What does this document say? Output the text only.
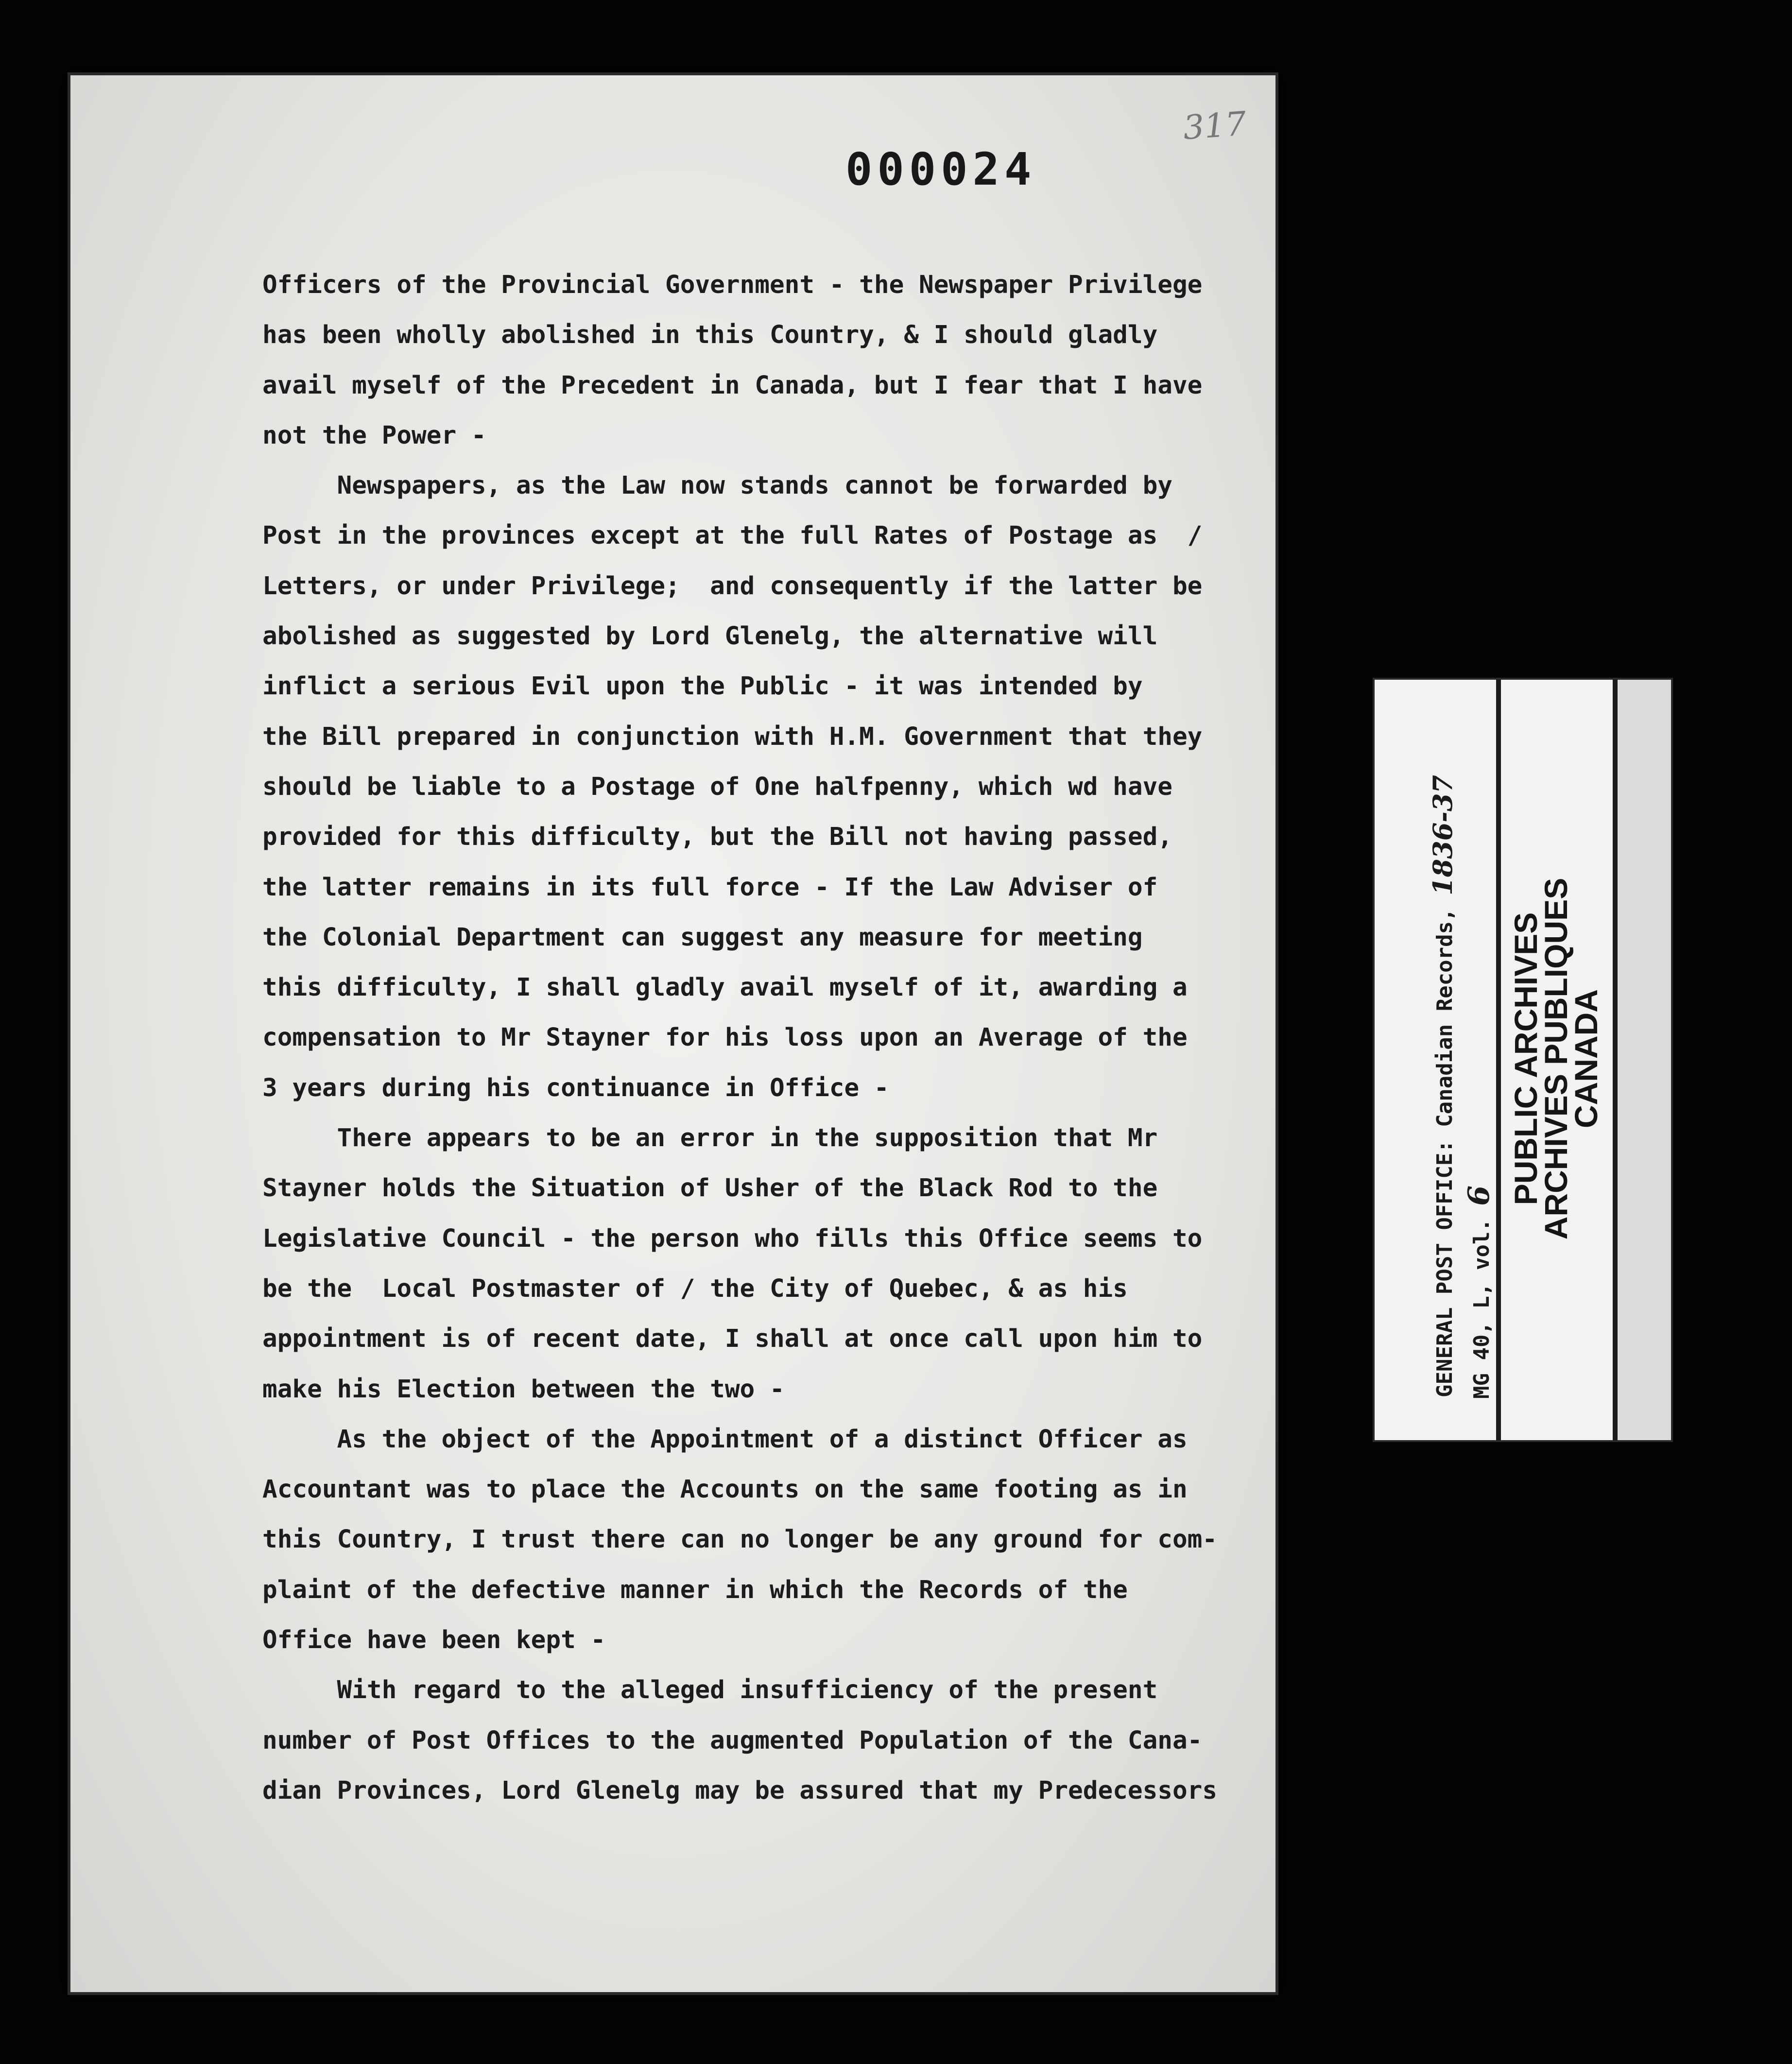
317
000024
Officers of the Provincial Government - the Newspaper Privilege
has been wholly abolished in this Country, & I should gladly
avail myself of the Precedent in Canada, but I fear that I have
not the Power -
Newspapers, as the Law now stands cannot be forwarded by
Post in the provinces except at the full Rates of Postage as  /
Letters, or under Privilege;  and consequently if the latter be
abolished as suggested by Lord Glenelg, the alternative will
inflict a serious Evil upon the Public - it was intended by
the Bill prepared in conjunction with H.M. Government that they
should be liable to a Postage of One halfpenny, which wd have
provided for this difficulty, but the Bill not having passed,
the latter remains in its full force - If the Law Adviser of
the Colonial Department can suggest any measure for meeting
this difficulty, I shall gladly avail myself of it, awarding a
compensation to Mr Stayner for his loss upon an Average of the
3 years during his continuance in Office -
There appears to be an error in the supposition that Mr
Stayner holds the Situation of Usher of the Black Rod to the
Legislative Council - the person who fills this Office seems to
be the  Local Postmaster of / the City of Quebec, & as his
appointment is of recent date, I shall at once call upon him to
make his Election between the two -
As the object of the Appointment of a distinct Officer as
Accountant was to place the Accounts on the same footing as in
this Country, I trust there can no longer be any ground for com-
plaint of the defective manner in which the Records of the
Office have been kept -
With regard to the alleged insufficiency of the present
number of Post Offices to the augmented Population of the Cana-
dian Provinces, Lord Glenelg may be assured that my Predecessors
GENERAL POST OFFICE: Canadian Records, 1836-37
MG 40, L, vol. 6 PUBLIC ARCHIVES
ARCHIVES PUBLIQUES
CANADA
